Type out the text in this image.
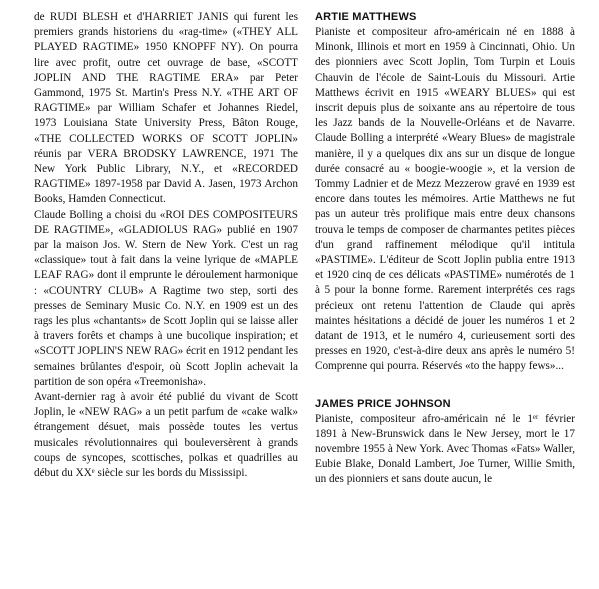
de RUDI BLESH et d'HARRIET JANIS qui furent les premiers grands historiens du «rag-time» («THEY ALL PLAYED RAGTIME» 1950 KNOPFF NY). On pourra lire avec profit, outre cet ouvrage de base, «SCOTT JOPLIN AND THE RAGTIME ERA» par Peter Gammond, 1975 St. Martin's Press N.Y. «THE ART OF RAGTIME» par William Schafer et Johannes Riedel, 1973 Louisiana State University Press, Bâton Rouge, «THE COLLECTED WORKS OF SCOTT JOPLIN» réunis par VERA BRODSKY LAWRENCE, 1971 The New York Public Library, N.Y., et «RECORDED RAGTIME» 1897-1958 par David A. Jasen, 1973 Archon Books, Hamden Connecticut.

Claude Bolling a choisi du «ROI DES COMPOSITEURS DE RAGTIME», «GLADIOLUS RAG» publié en 1907 par la maison Jos. W. Stern de New York. C'est un rag «classique» tout à fait dans la veine lyrique de «MAPLE LEAF RAG» dont il emprunte le déroulement harmonique : «COUNTRY CLUB» A Ragtime two step, sorti des presses de Seminary Music Co. N.Y. en 1909 est un des rags les plus «chantants» de Scott Joplin qui se laisse aller à travers forêts et champs à une bucolique inspiration; et «SCOTT JOPLIN'S NEW RAG» écrit en 1912 pendant les semaines brûlantes d'espoir, où Scott Joplin achevait la partition de son opéra «Treemonisha».

Avant-dernier rag à avoir été publié du vivant de Scott Joplin, le «NEW RAG» a un petit parfum de «cake walk» étrangement désuet, mais possède toutes les vertus musicales révolutionnaires qui bouleversèrent à grands coups de syncopes, scottisches, polkas et quadrilles au début du XXᵉ siècle sur les bords du Mississipi.

ARTIE MATTHEWS

Pianiste et compositeur afro-américain né en 1888 à Minonk, Illinois et mort en 1959 à Cincinnati, Ohio. Un des pionniers avec Scott Joplin, Tom Turpin et Louis Chauvin de l'école de Saint-Louis du Missouri. Artie Matthews écrivit en 1915 «WEARY BLUES» qui est inscrit depuis plus de soixante ans au répertoire de tous les Jazz bands de la Nouvelle-Orléans et de Navarre. Claude Bolling a interprété «Weary Blues» de magistrale manière, il y a quelques dix ans sur un disque de longue durée consacré au « boogie-woogie », et la version de Tommy Ladnier et de Mezz Mezzerow gravé en 1939 est encore dans toutes les mémoires. Artie Matthews ne fut pas un auteur très prolifique mais entre deux chansons trouva le temps de composer de charmantes petites pièces d'un grand raffinement mélodique qu'il intitula «PASTIME». L'éditeur de Scott Joplin publia entre 1913 et 1920 cinq de ces délicats «PASTIME» numérotés de 1 à 5 pour la bonne forme. Rarement interprétés ces rags précieux ont retenu l'attention de Claude qui après maintes hésitations a décidé de jouer les numéros 1 et 2 datant de 1913, et le numéro 4, curieusement sorti des presses en 1920, c'est-à-dire deux ans après le numéro 5! Comprenne qui pourra. Réservés «to the happy fews»...

JAMES PRICE JOHNSON

Pianiste, compositeur afro-américain né le 1ᵉʳ février 1891 à New-Brunswick dans le New Jersey, mort le 17 novembre 1955 à New York. Avec Thomas «Fats» Waller, Eubie Blake, Donald Lambert, Joe Turner, Willie Smith, un des pionniers et sans doute aucun, le
